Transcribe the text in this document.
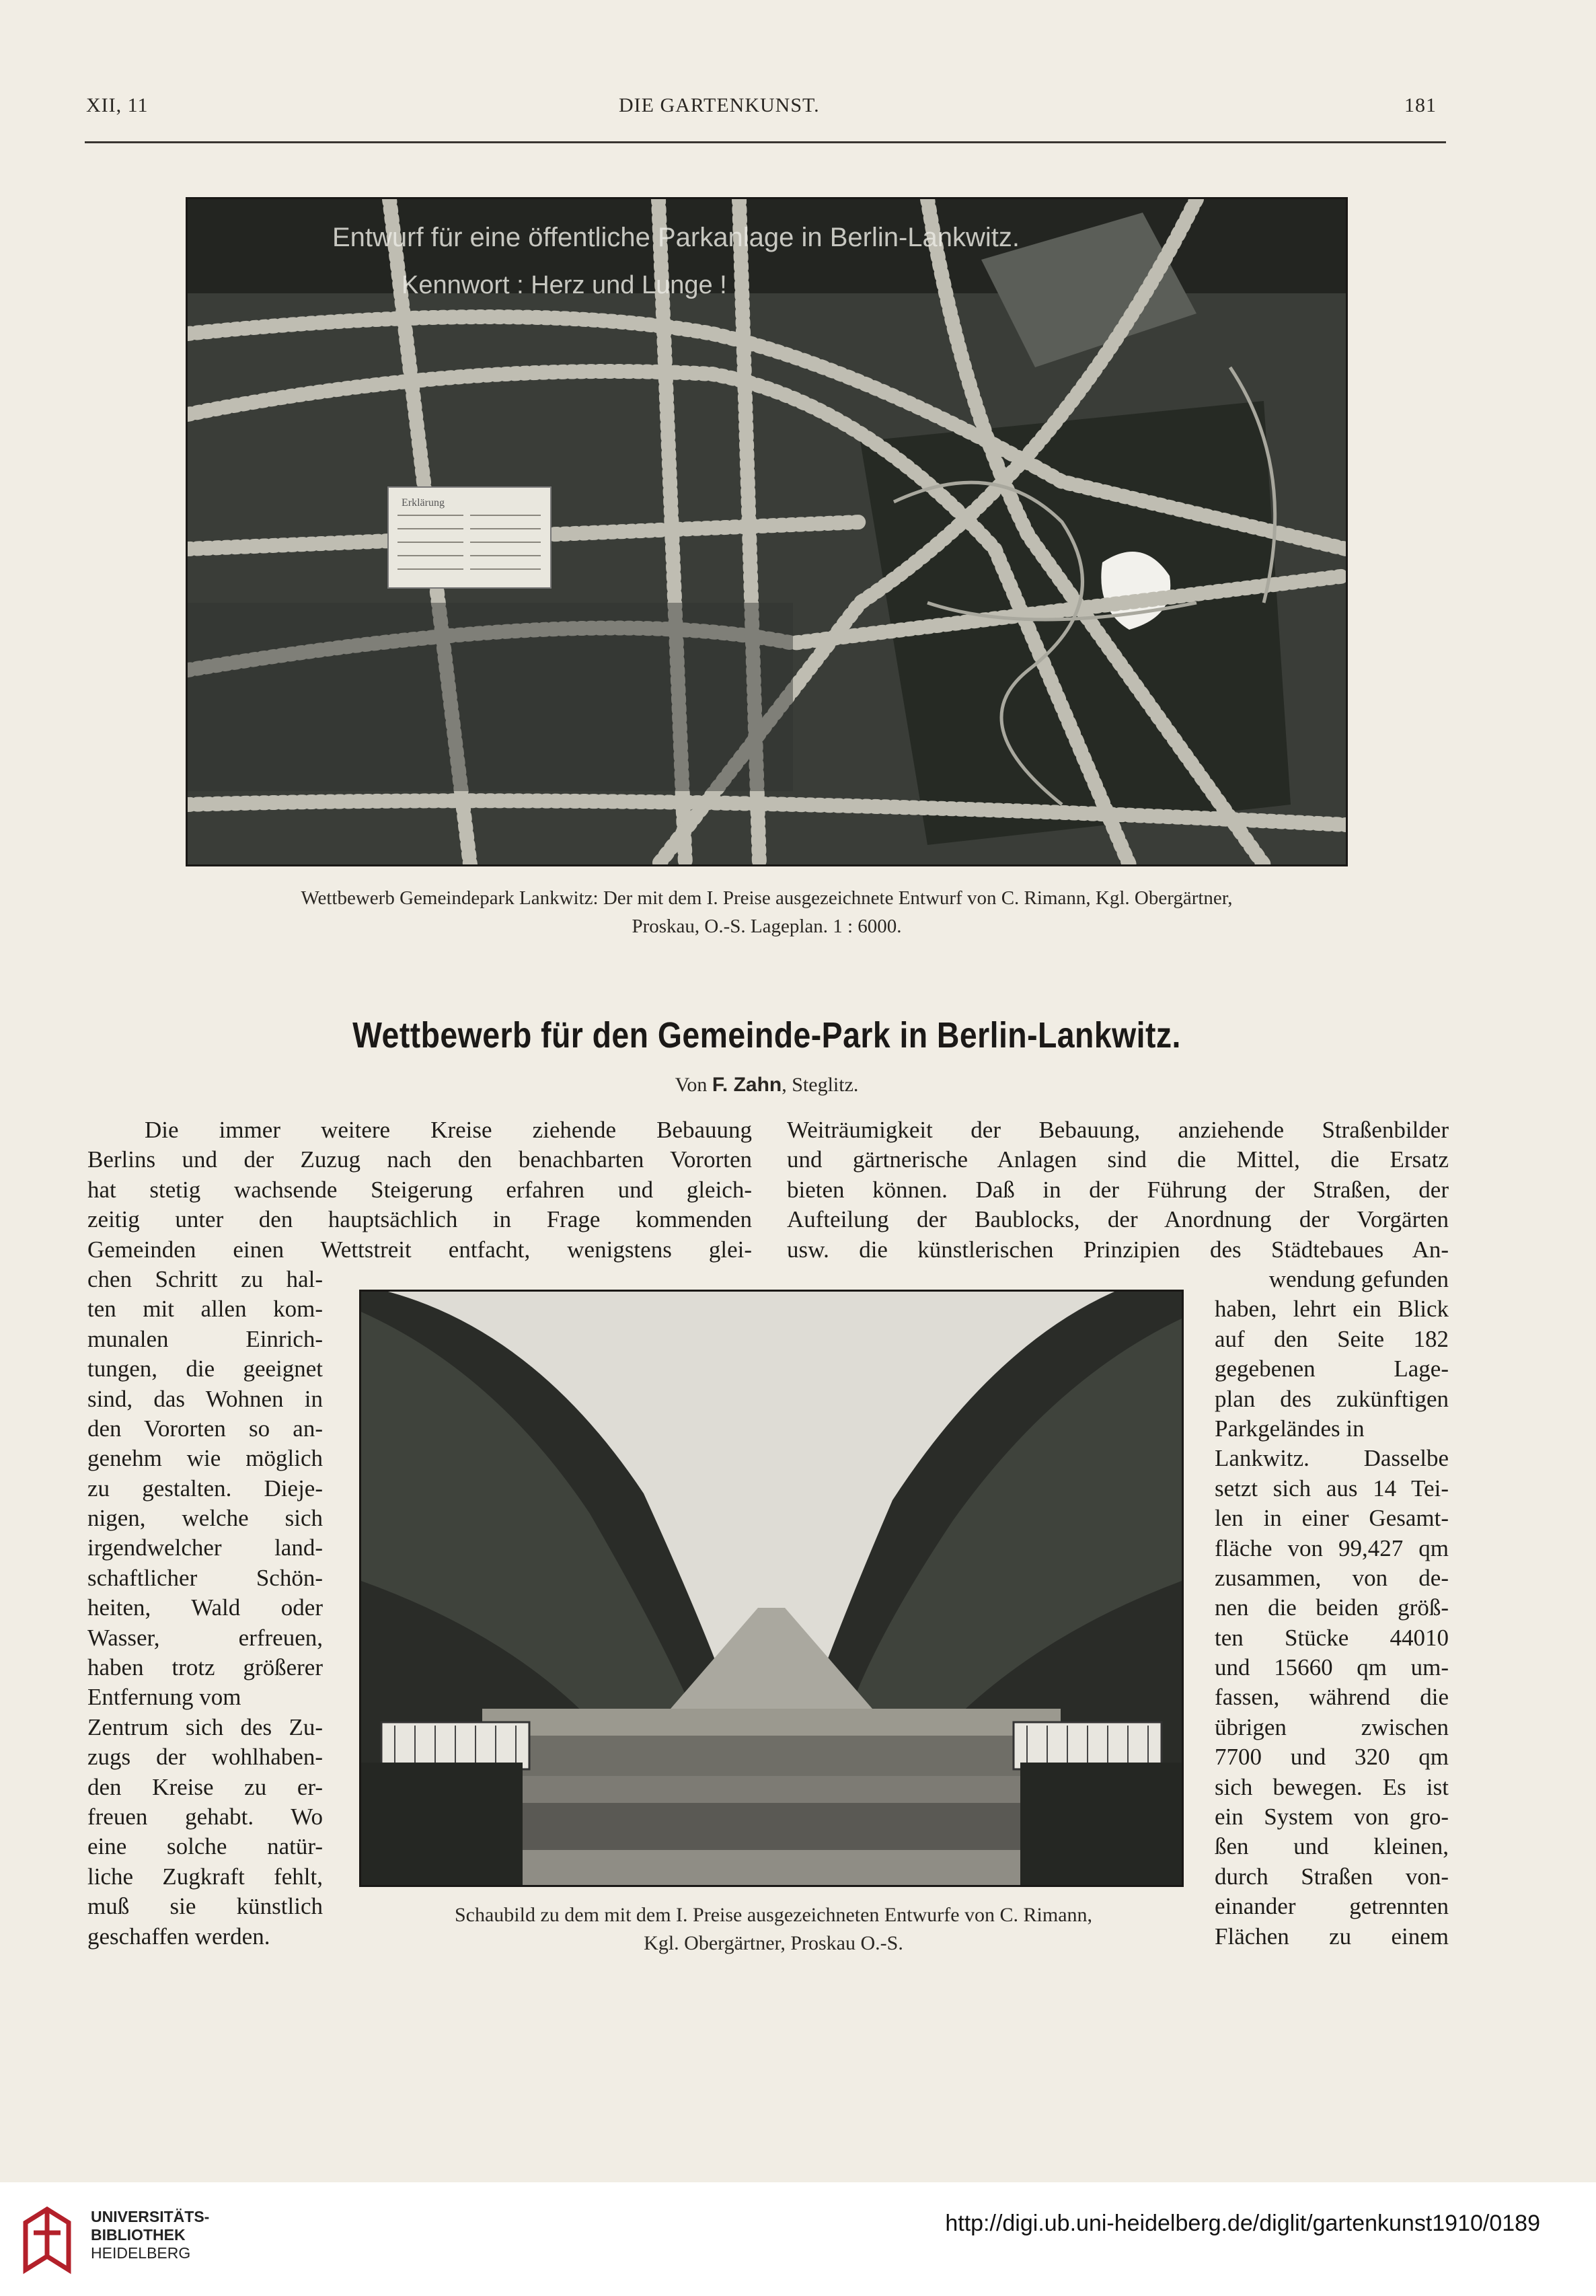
XII, 11	DIE GARTENKUNST.	181
Erklärung
Entwurf für eine öffentliche Parkanlage in Berlin-Lankwitz.
Kennwort : Herz und Lunge !
Wettbewerb Gemeindepark Lankwitz: Der mit dem I. Preise ausgezeichnete Entwurf von C. Rimann, Kgl. Obergärtner,
Proskau, O.-S. Lageplan. 1 : 6000.
Wettbewerb für den Gemeinde-Park in Berlin-Lankwitz.
Von F. Zahn, Steglitz.
Die immer weitere Kreise ziehende Bebauung
Berlins und der Zuzug nach den benachbarten Vororten
hat stetig wachsende Steigerung erfahren und gleich-
zeitig unter den hauptsächlich in Frage kommenden
Gemeinden einen Wettstreit entfacht, wenigstens glei-
chen Schritt zu hal-
ten mit allen kom-
munalen Einrich-
tungen, die geeignet
sind, das Wohnen in
den Vororten so an-
genehm wie möglich
zu gestalten. Dieje-
nigen, welche sich
irgendwelcher land-
schaftlicher Schön-
heiten, Wald oder
Wasser, erfreuen,
haben trotz größerer
Entfernung vom
Zentrum sich des Zu-
zugs der wohlhaben-
den Kreise zu er-
freuen gehabt. Wo
eine solche natür-
liche Zugkraft fehlt,
muß sie künstlich
geschaffen werden.
Weiträumigkeit der Bebauung, anziehende Straßenbilder
und gärtnerische Anlagen sind die Mittel, die Ersatz
bieten können. Daß in der Führung der Straßen, der
Aufteilung der Baublocks, der Anordnung der Vorgärten
usw. die künstlerischen Prinzipien des Städtebaues An-
wendung gefunden
haben, lehrt ein Blick
auf den Seite 182
gegebenen Lage-
plan des zukünftigen
Parkgeländes in
Lankwitz. Dasselbe
setzt sich aus 14 Tei-
len in einer Gesamt-
fläche von 99,427 qm
zusammen, von de-
nen die beiden größ-
ten Stücke 44010
und 15660 qm um-
fassen, während die
übrigen zwischen
7700 und 320 qm
sich bewegen. Es ist
ein System von gro-
ßen und kleinen,
durch Straßen von-
einander getrennten
Flächen zu einem
Schaubild zu dem mit dem I. Preise ausgezeichneten Entwurfe von C. Rimann,
Kgl. Obergärtner, Proskau O.-S.
UNIVERSITÄTS-
BIBLIOTHEK
HEIDELBERG
http://digi.ub.uni-heidelberg.de/diglit/gartenkunst1910/0189
